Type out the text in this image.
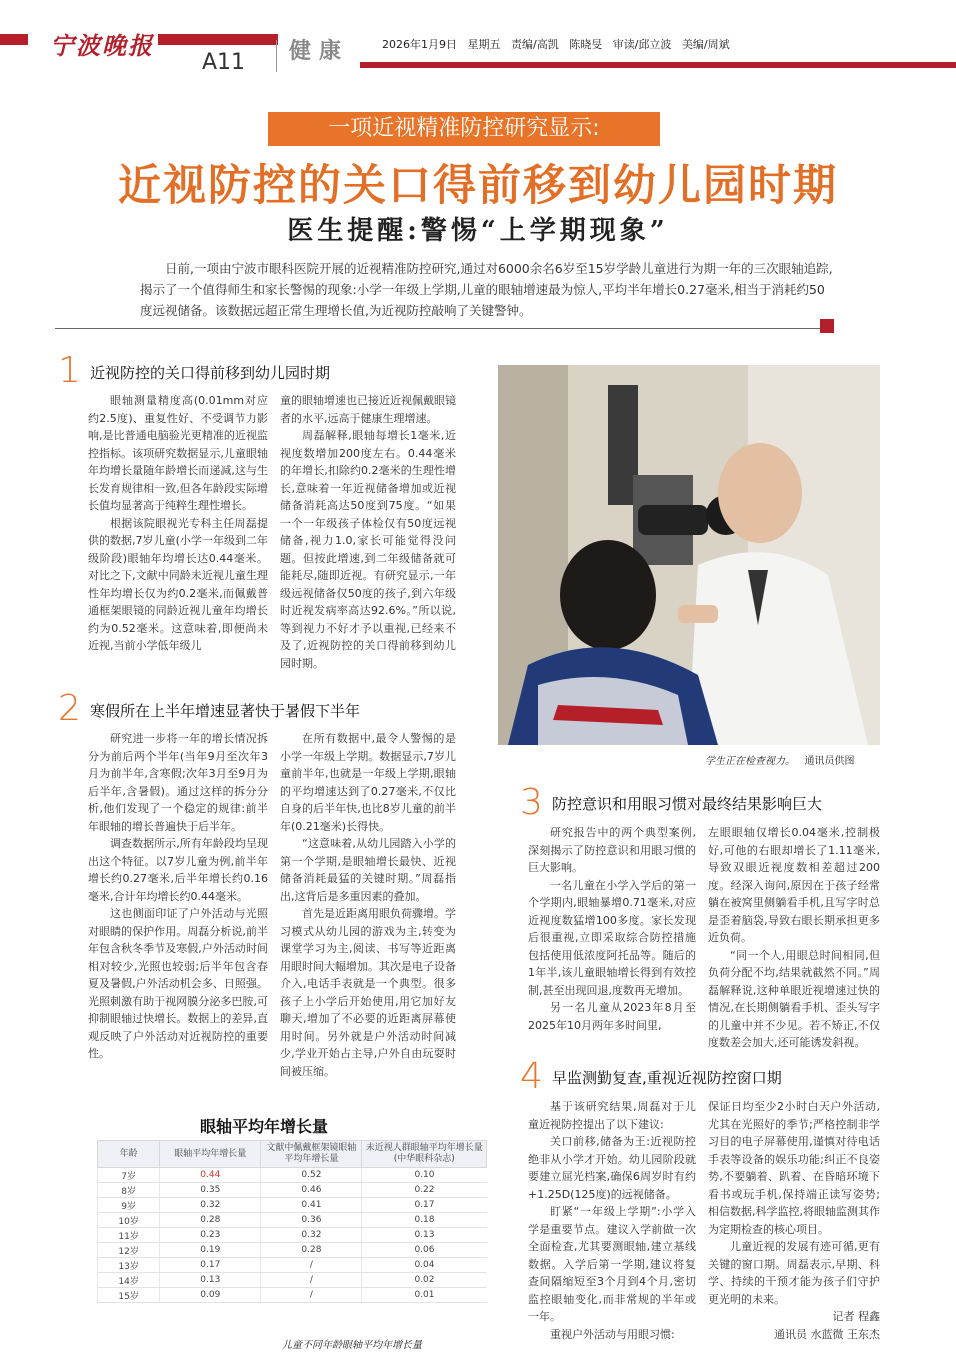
宁波晚报
A11 健康	2026年1月9日 星期五 责编/高凯 陈晓旻 审读/邱立波 美编/周斌
一项近视精准防控研究显示:
近视防控的关口得前移到幼儿园时期
医生提醒:警惕“上学期现象”
日前,一项由宁波市眼科医院开展的近视精准防控研究,通过对6000余名6岁至15岁学龄儿童进行为期一年的三次眼轴追踪,揭示了一个值得师生和家长警惕的现象:小学一年级上学期,儿童的眼轴增速最为惊人,平均半年增长0.27毫米,相当于消耗约50度远视储备。该数据远超正常生理增长值,为近视防控敲响了关键警钟。
1 近视防控的关口得前移到幼儿园时期

眼轴测量精度高(0.01mm对应约2.5度)、重复性好、不受调节力影响,是比普通电脑验光更精准的近视监控指标。该项研究数据显示,儿童眼轴年均增长量随年龄增长而递减,这与生长发育规律相一致,但各年龄段实际增长值均显著高于纯粹生理性增长。

根据该院眼视光专科主任周磊提供的数据,7岁儿童(小学一年级到二年级阶段)眼轴年均增长达0.44毫米。对比之下,文献中同龄未近视儿童生理性年均增长仅为约0.2毫米,而佩戴普通框架眼镜的同龄近视儿童年均增长约为0.52毫米。这意味着,即便尚未近视,当前小学低年级儿

童的眼轴增速也已接近近视佩戴眼镜者的水平,远高于健康生理增速。

周磊解释,眼轴每增长1毫米,近视度数增加200度左右。0.44毫米的年增长,扣除约0.2毫米的生理性增长,意味着一年近视储备增加或近视储备消耗高达50度到75度。“如果一个一年级孩子体检仅有50度远视储备,视力1.0,家长可能觉得没问题。但按此增速,到二年级储备就可能耗尽,随即近视。有研究显示,一年级远视储备仅50度的孩子,到六年级时近视发病率高达92.6%。”所以说,等到视力不好才予以重视,已经来不及了,近视防控的关口得前移到幼儿园时期。

2 寒假所在上半年增速显著快于暑假下半年

研究进一步将一年的增长情况拆分为前后两个半年(当年9月至次年3月为前半年,含寒假;次年3月至9月为后半年,含暑假)。通过这样的拆分分析,他们发现了一个稳定的规律:前半年眼轴的增长普遍快于后半年。

调查数据所示,所有年龄段均呈现出这个特征。以7岁儿童为例,前半年增长约0.27毫米,后半年增长约0.16毫米,合计年均增长约0.44毫米。

这也侧面印证了户外活动与光照对眼睛的保护作用。周磊分析说,前半年包含秋冬季节及寒假,户外活动时间相对较少,光照也较弱;后半年包含春夏及暑假,户外活动机会多、日照强。光照刺激有助于视网膜分泌多巴胺,可抑制眼轴过快增长。数据上的差异,直观反映了户外活动对近视防控的重要性。

在所有数据中,最令人警惕的是小学一年级上学期。数据显示,7岁儿童前半年,也就是一年级上学期,眼轴的平均增速达到了0.27毫米,不仅比自身的后半年快,也比8岁儿童的前半年(0.21毫米)长得快。

“这意味着,从幼儿园踏入小学的第一个学期,是眼轴增长最快、近视储备消耗最猛的关键时期。”周磊指出,这背后是多重因素的叠加。

首先是近距离用眼负荷骤增。学习模式从幼儿园的游戏为主,转变为课堂学习为主,阅读、书写等近距离用眼时间大幅增加。其次是电子设备介入,电话手表就是一个典型。很多孩子上小学后开始使用,用它加好友聊天,增加了不必要的近距离屏幕使用时间。另外就是户外活动时间减少,学业开始占主导,户外自由玩耍时间被压缩。

学生正在检查视力。 通讯员供图
3 防控意识和用眼习惯对最终结果影响巨大

研究报告中的两个典型案例,深刻揭示了防控意识和用眼习惯的巨大影响。

一名儿童在小学入学后的第一个学期内,眼轴暴增0.71毫米,对应近视度数猛增100多度。家长发现后很重视,立即采取综合防控措施包括使用低浓度阿托品等。随后的1年半,该儿童眼轴增长得到有效控制,甚至出现回退,度数再无增加。

另一名儿童从2023年8月至2025年10月两年多时间里,

左眼眼轴仅增长0.04毫米,控制极好,可他的右眼却增长了1.11毫米,导致双眼近视度数相差超过200度。经深入询问,原因在于孩子经常躺在被窝里侧躺看手机,且写字时总是歪着脑袋,导致右眼长期承担更多近负荷。

“同一个人,用眼总时间相同,但负荷分配不均,结果就截然不同。”周磊解释说,这种单眼近视增速过快的情况,在长期侧躺看手机、歪头写字的儿童中并不少见。若不矫正,不仅度数差会加大,还可能诱发斜视。

4 早监测勤复查,重视近视防控窗口期

基于该研究结果,周磊对于儿童近视防控提出了以下建议:

关口前移,储备为王:近视防控绝非从小学才开始。幼儿园阶段就要建立屈光档案,确保6周岁时有约+1.25D(125度)的远视储备。

盯紧“一年级上学期”:小学入学是重要节点。建议入学前做一次全面检查,尤其要测眼轴,建立基线数据。入学后第一学期,建议将复查间隔缩短至3个月到4个月,密切监控眼轴变化,而非常规的半年或一年。

重视户外活动与用眼习惯:

保证日均至少2小时白天户外活动,尤其在光照好的季节;严格控制非学习目的电子屏幕使用,谨慎对待电话手表等设备的娱乐功能;纠正不良姿势,不要躺着、趴着、在昏暗环境下看书或玩手机,保持端正读写姿势;相信数据,科学监控,将眼轴监测其作为定期检查的核心项目。

儿童近视的发展有迹可循,更有关键的窗口期。周磊表示,早期、科学、持续的干预才能为孩子们守护更光明的未来。

记者 程鑫

通讯员 水蓝微 王东杰

眼轴平均年增长量
年龄	眼轴平均年增长量	文献中佩戴框架镜眼轴平均年增长量	未近视人群眼轴平均年增长量(中华眼科杂志)
7岁	0.44	0.52	0.10
8岁	0.35	0.46	0.22
9岁	0.32	0.41	0.17
10岁	0.28	0.36	0.18
11岁	0.23	0.32	0.13
12岁	0.19	0.28	0.06
13岁	0.17	/	0.04
14岁	0.13	/	0.02
15岁	0.09	/	0.01
儿童不同年龄眼轴平均年增长量
